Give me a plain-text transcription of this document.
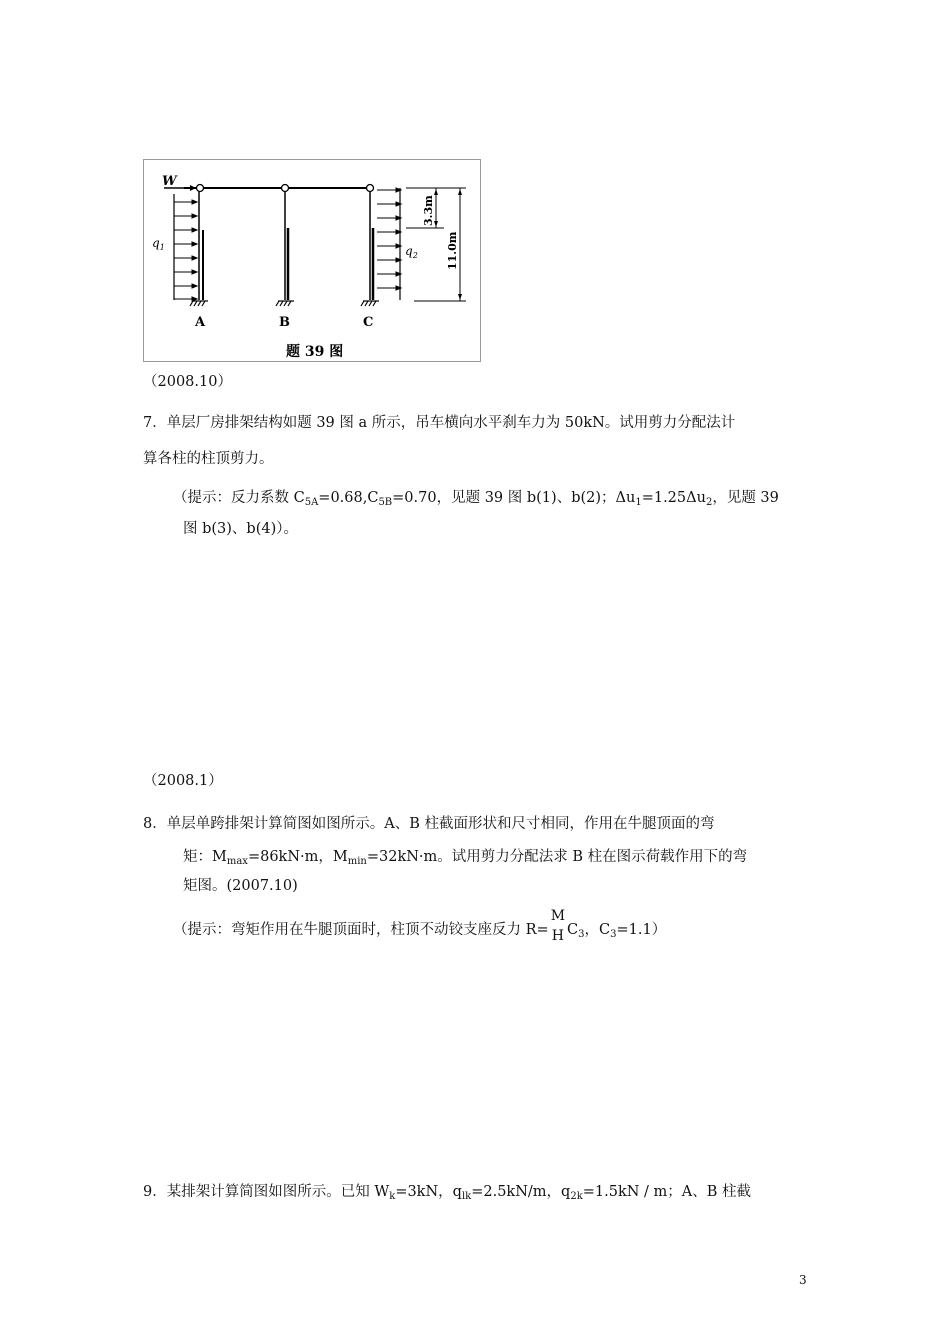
3.3m
11.0m
W
$q_1$	$q_2$
A	B	C
题 39 图
（2008.10）
7．单层厂房排架结构如题 39 图 a 所示，吊车横向水平刹车力为 50kN。试用剪力分配法计
算各柱的柱顶剪力。
（提示：反力系数 $C_{5A}=0.68,C_{5B}=0.70$，见题 39 图 b(1)、b(2)；$\Delta u_1=1.25\Delta u_2$，见题 39
图 b(3)、b(4)）。
（2008.1）
8．单层单跨排架计算简图如图所示。A、B 柱截面形状和尺寸相同，作用在牛腿顶面的弯
矩：$M_{max}=86kN\cdot m$，$M_{min}=32kN\cdot m$。试用剪力分配法求 B 柱在图示荷载作用下的弯
矩图。(2007.10)
（提示：弯矩作用在牛腿顶面时，柱顶不动铰支座反力 R=
M
H $C_3$，$C_3=1.1$）
9．某排架计算简图如图所示。已知 $W_k=3kN$，$q_{lk}=2.5kN/m$，$q_{2k}=1.5kN / m$；A、B 柱截
3
